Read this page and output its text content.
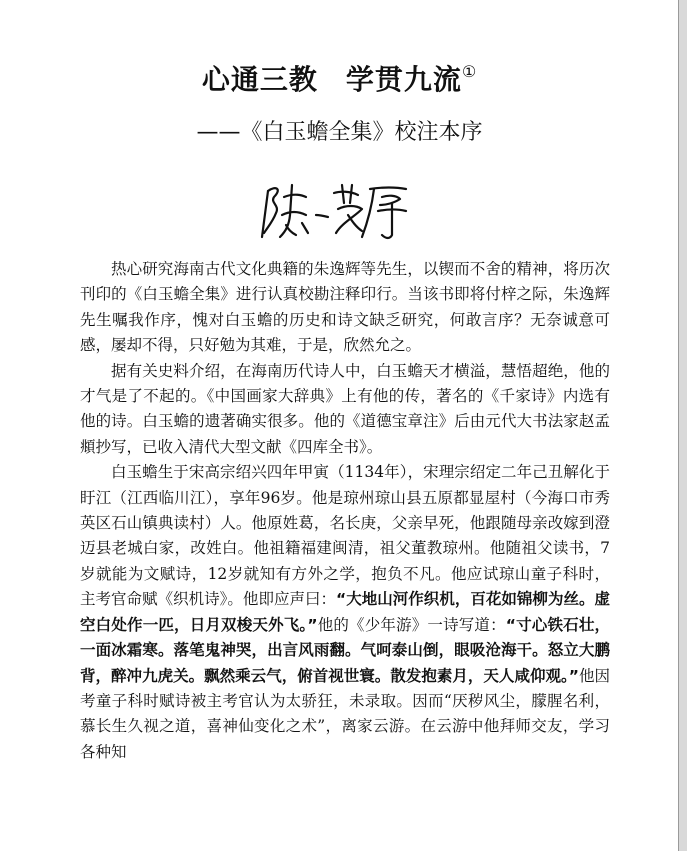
心通三教 学贯九流①
——《白玉蟾全集》校注本序

热心研究海南古代文化典籍的朱逸辉等先生，以锲而不舍的精神，将历次刊印的《白玉蟾全集》进行认真校勘注释印行。当该书即将付梓之际，朱逸辉先生嘱我作序，愧对白玉蟾的历史和诗文缺乏研究，何敢言序？无奈诚意可感，屡却不得，只好勉为其难，于是，欣然允之。

据有关史料介绍，在海南历代诗人中，白玉蟾天才横溢，慧悟超绝，他的才气是了不起的。《中国画家大辞典》上有他的传，著名的《千家诗》内选有他的诗。白玉蟾的遗著确实很多。他的《道德宝章注》后由元代大书法家赵孟頫抄写，已收入清代大型文献《四库全书》。

白玉蟾生于宋高宗绍兴四年甲寅（1134年），宋理宗绍定二年己丑解化于盱江（江西临川江），享年96岁。他是琼州琼山县五原都显屋村（今海口市秀英区石山镇典读村）人。他原姓葛，名长庚，父亲早死，他跟随母亲改嫁到澄迈县老城白家，改姓白。他祖籍福建闽清，祖父董教琼州。他随祖父读书，7岁就能为文赋诗，12岁就知有方外之学，抱负不凡。他应试琼山童子科时，主考官命赋《织机诗》。他即应声曰：“大地山河作织机，百花如锦柳为丝。虚空白处作一匹，日月双梭天外飞。”他的《少年游》一诗写道：“寸心铁石壮，一面冰霜寒。落笔鬼神哭，出言风雨翻。气呵泰山倒，眼吸沧海干。怒立大鹏背，醉冲九虎关。飘然乘云气，俯首视世寰。散发抱素月，天人咸仰观。”他因考童子科时赋诗被主考官认为太骄狂，未录取。因而“厌秽风尘，朦腥名利，慕长生久视之道，喜神仙变化之术”，离家云游。在云游中他拜师交友，学习各种知
